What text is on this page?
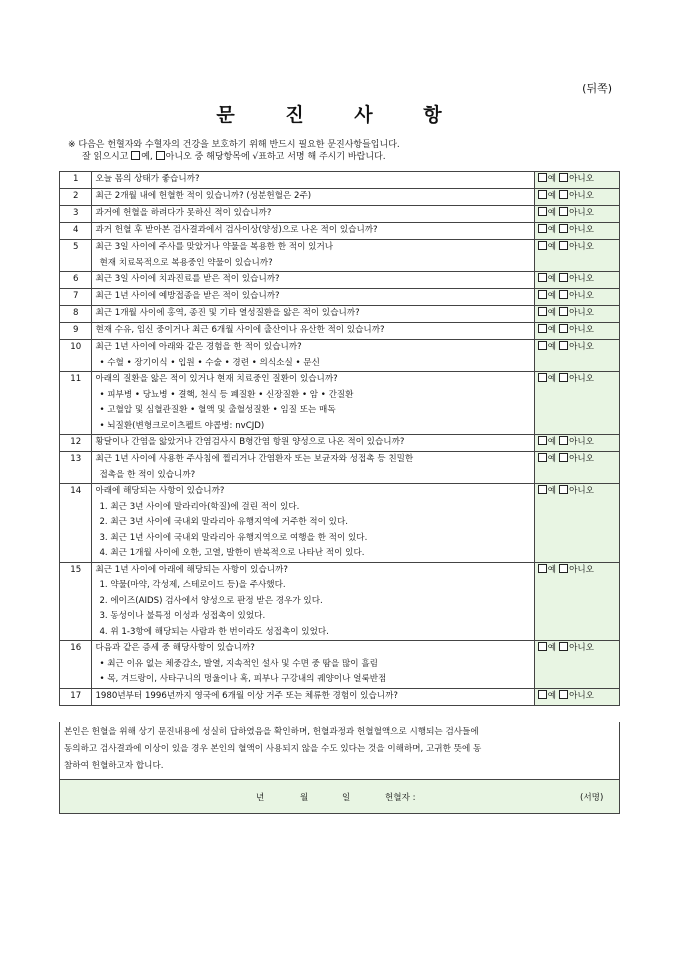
(뒤쪽)
문 진 사 항
※ 다음은 헌혈자와 수혈자의 건강을 보호하기 위해 반드시 필요한 문진사항들입니다.
잘 읽으시고 예, 아니오 중 해당항목에 √표하고 서명 해 주시기 바랍니다.
1	오늘 몸의 상태가 좋습니까?	예 아니오
2	최근 2개월 내에 헌혈한 적이 있습니까? (성분헌혈은 2주)	예 아니오
3	과거에 헌혈을 하려다가 못하신 적이 있습니까?	예 아니오
4	과거 헌혈 후 받아본 검사결과에서 검사이상(양성)으로 나온 적이 있습니까?	예 아니오
5	최근 3일 사이에 주사를 맞았거나 약물을 복용한 한 적이 있거나
현재 치료목적으로 복용중인 약물이 있습니까?	예 아니오
6	최근 3일 사이에 치과진료를 받은 적이 있습니까?	예 아니오
7	최근 1년 사이에 예방접종을 받은 적이 있습니까?	예 아니오
8	최근 1개월 사이에 홍역, 종진 및 기타 열성질환을 앓은 적이 있습니까?	예 아니오
9	현재 수유, 임신 중이거나 최근 6개월 사이에 출산이나 유산한 적이 있습니까?	예 아니오
10	최근 1년 사이에 아래와 같은 경험을 한 적이 있습니까?
• 수혈 • 장기이식 • 입원 • 수술 • 경련 • 의식소실 • 문신	예 아니오
11	아래의 질환을 앓은 적이 있거나 현재 치료중인 질환이 있습니까?
• 피부병 • 당뇨병 • 결핵, 천식 등 폐질환 • 신장질환 • 암 • 간질환
• 고혈압 및 심혈관질환 • 혈액 및 출혈성질환 • 임질 또는 매독
• 뇌질환(변형크로이츠펠트 야콥병: nvCJD)	예 아니오
12	황달이나 간염을 앓았거나 간염검사시 B형간염 항원 양성으로 나온 적이 있습니까?	예 아니오
13	최근 1년 사이에 사용한 주사침에 찔리거나 간염환자 또는 보균자와 성접촉 등 친밀한
접촉을 한 적이 있습니까?	예 아니오
14	아래에 해당되는 사항이 있습니까?
1. 최근 3년 사이에 말라리아(학질)에 걸린 적이 있다.
2. 최근 3년 사이에 국내외 말라리아 유행지역에 거주한 적이 있다.
3. 최근 1년 사이에 국내외 말라리아 유행지역으로 여행을 한 적이 있다.
4. 최근 1개월 사이에 오한, 고열, 발한이 반복적으로 나타난 적이 있다.	예 아니오
15	최근 1년 사이에 아래에 해당되는 사항이 있습니까?
1. 약물(마약, 각성제, 스테로이드 등)을 주사했다.
2. 에이즈(AIDS) 검사에서 양성으로 판정 받은 경우가 있다.
3. 동성이나 불특정 이성과 성접촉이 있었다.
4. 위 1-3항에 해당되는 사람과 한 번이라도 성접촉이 있었다.	예 아니오
16	다음과 같은 증세 중 해당사항이 있습니까?
• 최근 이유 없는 체중감소, 발열, 지속적인 설사 및 수면 중 땀을 많이 흘림
• 목, 겨드랑이, 사타구니의 멍울이나 혹, 피부나 구강내의 궤양이나 얼룩반점	예 아니오
17	1980년부터 1996년까지 영국에 6개월 이상 거주 또는 체류한 경험이 있습니까?	예 아니오
본인은 헌혈을 위해 상기 문진내용에 성실히 답하였음을 확인하며, 헌혈과정과 헌혈혈액으로 시행되는 검사들에
동의하고 검사결과에 이상이 있을 경우 본인의 혈액이 사용되지 않을 수도 있다는 것을 이해하며, 고귀한 뜻에 동
참하여 헌혈하고자 합니다.
년	월	일	헌혈자 :	(서명)
